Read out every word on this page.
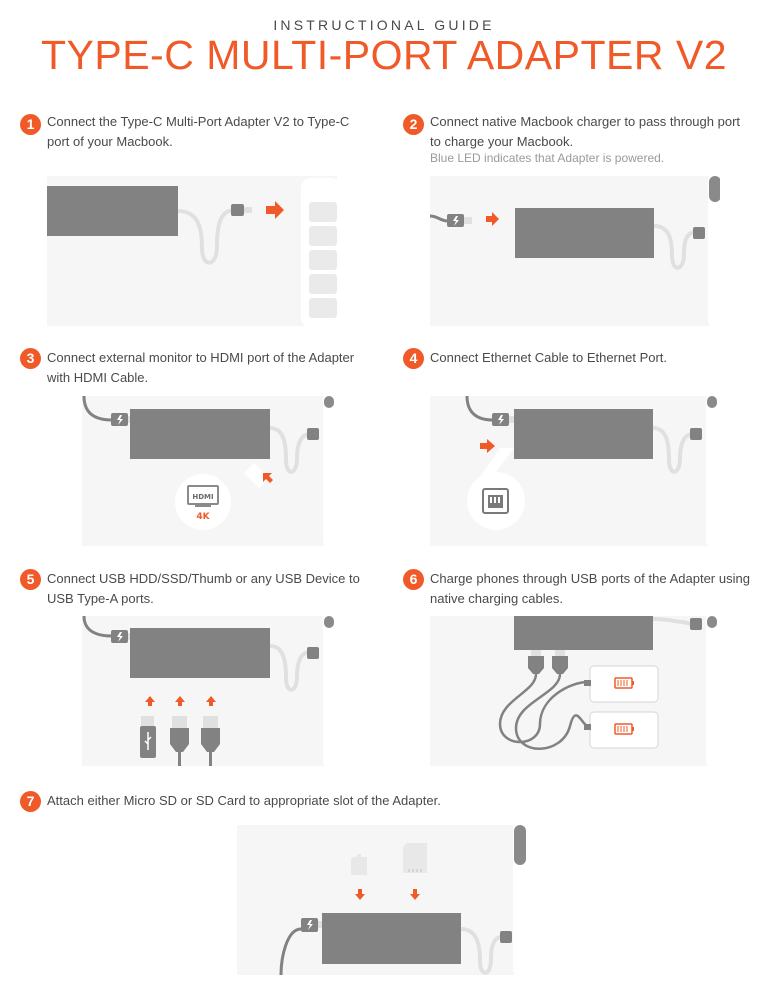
INSTRUCTIONAL GUIDE
TYPE-C MULTI-PORT ADAPTER V2
1 Connect the Type-C Multi-Port Adapter V2 to Type-C port of your Macbook.
2 Connect native Macbook charger to pass through port to charge your Macbook.
Blue LED indicates that Adapter is powered.
3 Connect external monitor to HDMI port of the Adapter with HDMI Cable.
HDMI
4K
4 Connect Ethernet Cable to Ethernet Port.
5 Connect USB HDD/SSD/Thumb or any USB Device to USB Type-A ports.
6 Charge phones through USB ports of the Adapter using native charging cables.
7 Attach either Micro SD or SD Card to appropriate slot of the Adapter.
